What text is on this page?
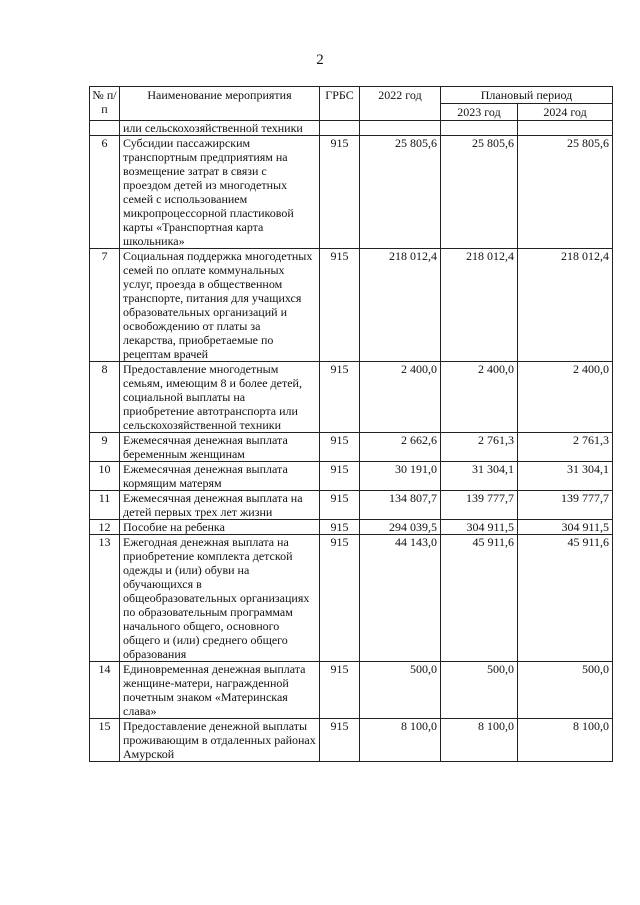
2
№ п/п	Наименование мероприятия	ГРБС	2022 год	Плановый период	
				2023 год	2024 год
	или сельскохозяйственной техники				
6	Субсидии пассажирским транспортным предприятиям на возмещение затрат в связи с проездом детей из многодетных семей с использованием микропроцессорной пластиковой карты «Транспортная карта школьника»	915	25 805,6	25 805,6	25 805,6
7	Социальная поддержка многодетных семей по оплате коммунальных услуг, проезда в общественном транспорте, питания для учащихся образовательных организаций и освобождению от платы за лекарства, приобретаемые по рецептам врачей	915	218 012,4	218 012,4	218 012,4
8	Предоставление многодетным семьям, имеющим 8 и более детей, социальной выплаты на приобретение автотранспорта или сельскохозяйственной техники	915	2 400,0	2 400,0	2 400,0
9	Ежемесячная денежная выплата беременным женщинам	915	2 662,6	2 761,3	2 761,3
10	Ежемесячная денежная выплата кормящим матерям	915	30 191,0	31 304,1	31 304,1
11	Ежемесячная денежная выплата на детей первых трех лет жизни	915	134 807,7	139 777,7	139 777,7
12	Пособие на ребенка	915	294 039,5	304 911,5	304 911,5
13	Ежегодная денежная выплата на приобретение комплекта детской одежды и (или) обуви на обучающихся в общеобразовательных организациях по образовательным программам начального общего, основного общего и (или) среднего общего образования	915	44 143,0	45 911,6	45 911,6
14	Единовременная денежная выплата женщине-матери, награжденной почетным знаком «Материнская слава»	915	500,0	500,0	500,0
15	Предоставление денежной выплаты проживающим в отдаленных районах Амурской	915	8 100,0	8 100,0	8 100,0
